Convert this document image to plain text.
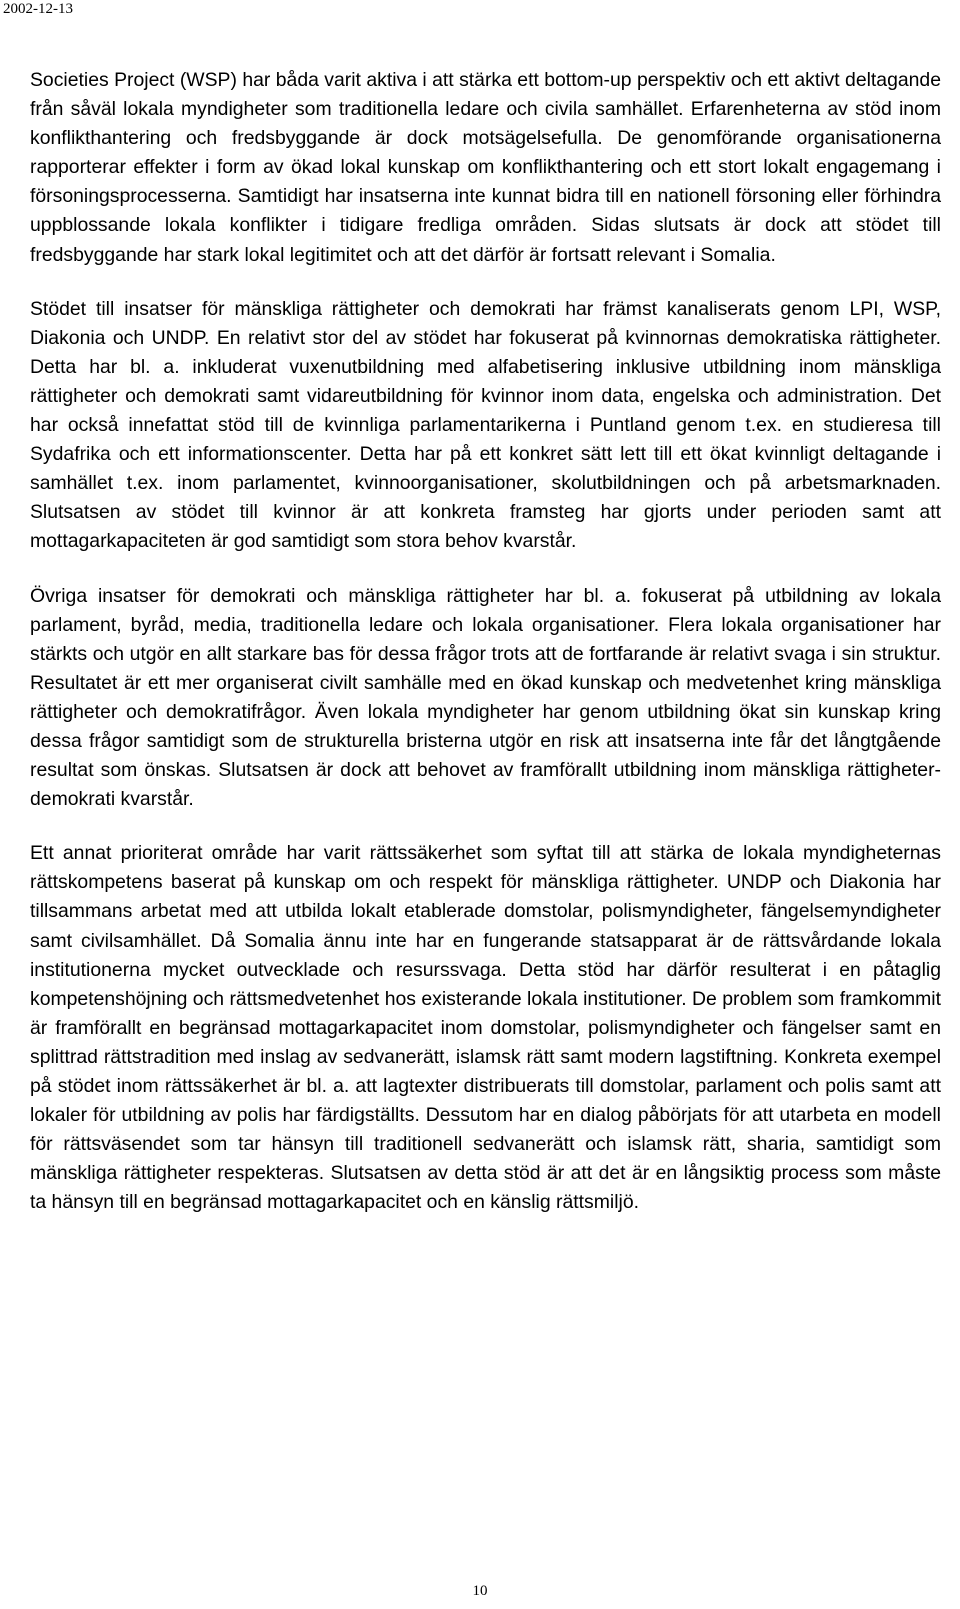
2002-12-13

Societies Project (WSP) har båda varit aktiva i att stärka ett bottom-up perspektiv och ett aktivt deltagande från såväl lokala myndigheter som traditionella ledare och civila samhället. Erfarenheterna av stöd inom konflikthantering och fredsbyggande är dock motsägelsefulla. De genomförande organisationerna rapporterar effekter i form av ökad lokal kunskap om konflikthantering och ett stort lokalt engagemang i försoningsprocesserna. Samtidigt har insatserna inte kunnat bidra till en nationell försoning eller förhindra uppblossande lokala konflikter i tidigare fredliga områden. Sidas slutsats är dock att stödet till fredsbyggande har stark lokal legitimitet och att det därför är fortsatt relevant i Somalia.

Stödet till insatser för mänskliga rättigheter och demokrati har främst kanaliserats genom LPI, WSP, Diakonia och UNDP. En relativt stor del av stödet har fokuserat på kvinnornas demokratiska rättigheter. Detta har bl. a. inkluderat vuxenutbildning med alfabetisering inklusive utbildning inom mänskliga rättigheter och demokrati samt vidareutbildning för kvinnor inom data, engelska och administration. Det har också innefattat stöd till de kvinnliga parlamentarikerna i Puntland genom t.ex. en studieresa till Sydafrika och ett informationscenter. Detta har på ett konkret sätt lett till ett ökat kvinnligt deltagande i samhället t.ex. inom parlamentet, kvinnoorganisationer, skolutbildningen och på arbetsmarknaden. Slutsatsen av stödet till kvinnor är att konkreta framsteg har gjorts under perioden samt att mottagarkapaciteten är god samtidigt som stora behov kvarstår.

Övriga insatser för demokrati och mänskliga rättigheter har bl. a. fokuserat på utbildning av lokala parlament, byråd, media, traditionella ledare och lokala organisationer. Flera lokala organisationer har stärkts och utgör en allt starkare bas för dessa frågor trots att de fortfarande är relativt svaga i sin struktur. Resultatet är ett mer organiserat civilt samhälle med en ökad kunskap och medvetenhet kring mänskliga rättigheter och demokratifrågor. Även lokala myndigheter har genom utbildning ökat sin kunskap kring dessa frågor samtidigt som de strukturella bristerna utgör en risk att insatserna inte får det långtgående resultat som önskas. Slutsatsen är dock att behovet av framförallt utbildning inom mänskliga rättigheter-demokrati kvarstår.

Ett annat prioriterat område har varit rättssäkerhet som syftat till att stärka de lokala myndigheternas rättskompetens baserat på kunskap om och respekt för mänskliga rättigheter. UNDP och Diakonia har tillsammans arbetat med att utbilda lokalt etablerade domstolar, polismyndigheter, fängelsemyndigheter samt civilsamhället. Då Somalia ännu inte har en fungerande statsapparat är de rättsvårdande lokala institutionerna mycket outvecklade och resurssvaga. Detta stöd har därför resulterat i en påtaglig kompetenshöjning och rättsmedvetenhet hos existerande lokala institutioner. De problem som framkommit är framförallt en begränsad mottagarkapacitet inom domstolar, polismyndigheter och fängelser samt en splittrad rättstradition med inslag av sedvanerätt, islamsk rätt samt modern lagstiftning. Konkreta exempel på stödet inom rättssäkerhet är bl. a. att lagtexter distribuerats till domstolar, parlament och polis samt att lokaler för utbildning av polis har färdigställts. Dessutom har en dialog påbörjats för att utarbeta en modell för rättsväsendet som tar hänsyn till traditionell sedvanerätt och islamsk rätt, sharia, samtidigt som mänskliga rättigheter respekteras. Slutsatsen av detta stöd är att det är en långsiktig process som måste ta hänsyn till en begränsad mottagarkapacitet och en känslig rättsmiljö.

10
